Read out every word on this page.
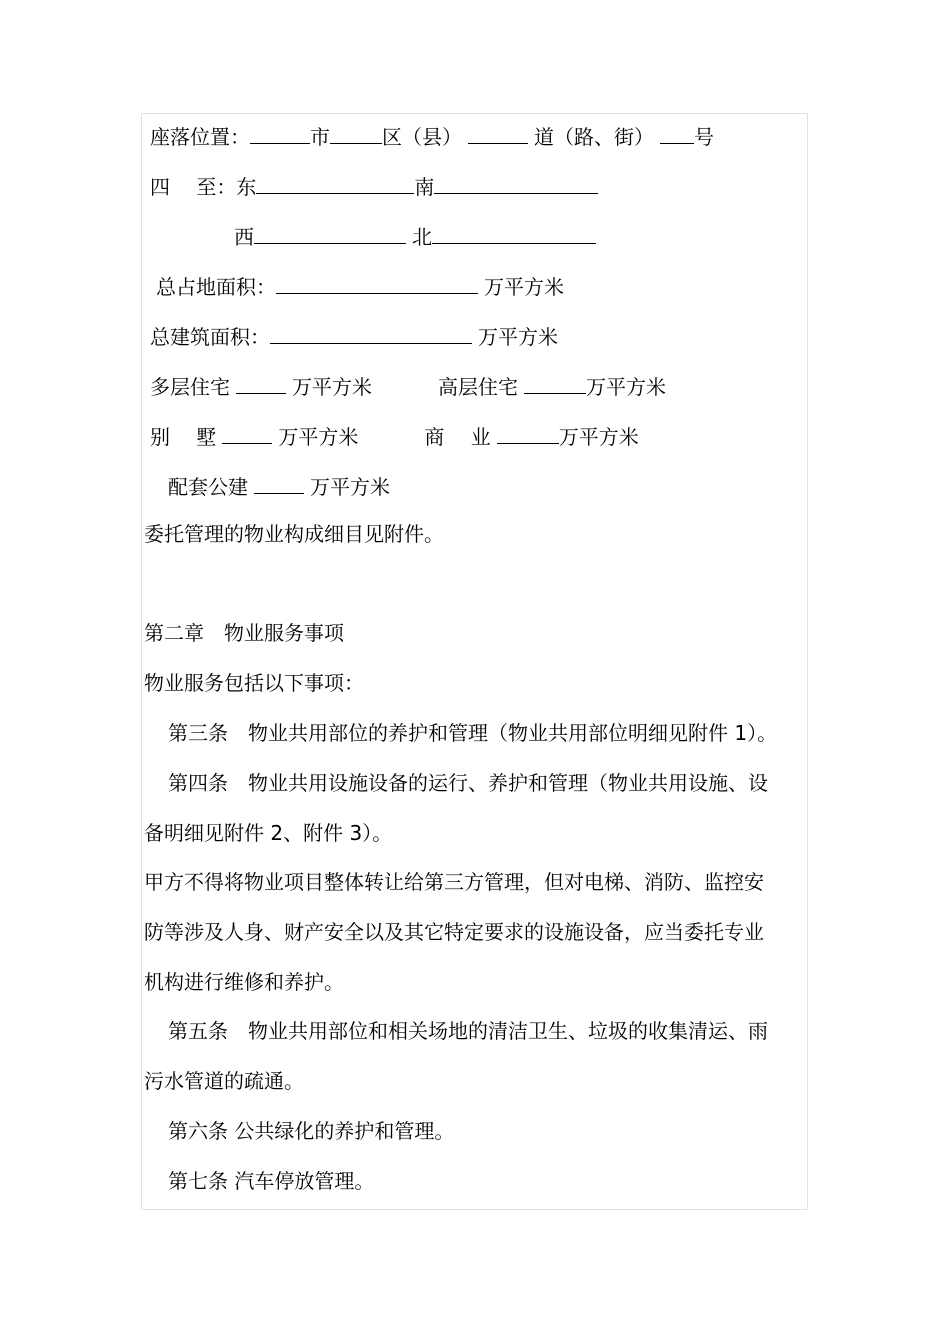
座落位置：	市	区（县）	道（路、街） 号
四　 至：东	南
西	北
总占地面积：	万平方米
总建筑面积：	万平方米
多层住宅	万平方米	高层住宅	万平方米
别　 墅	万平方米	商　 业	万平方米
配套公建	万平方米
委托管理的物业构成细目见附件。
第二章　物业服务事项
物业服务包括以下事项：
第三条　物业共用部位的养护和管理（物业共用部位明细见附件 1）。
第四条　物业共用设施设备的运行、养护和管理（物业共用设施、设
备明细见附件 2、附件 3）。
甲方不得将物业项目整体转让给第三方管理，但对电梯、消防、监控安
防等涉及人身、财产安全以及其它特定要求的设施设备，应当委托专业
机构进行维修和养护。
第五条　物业共用部位和相关场地的清洁卫生、垃圾的收集清运、雨
污水管道的疏通。
第六条 公共绿化的养护和管理。
第七条 汽车停放管理。
